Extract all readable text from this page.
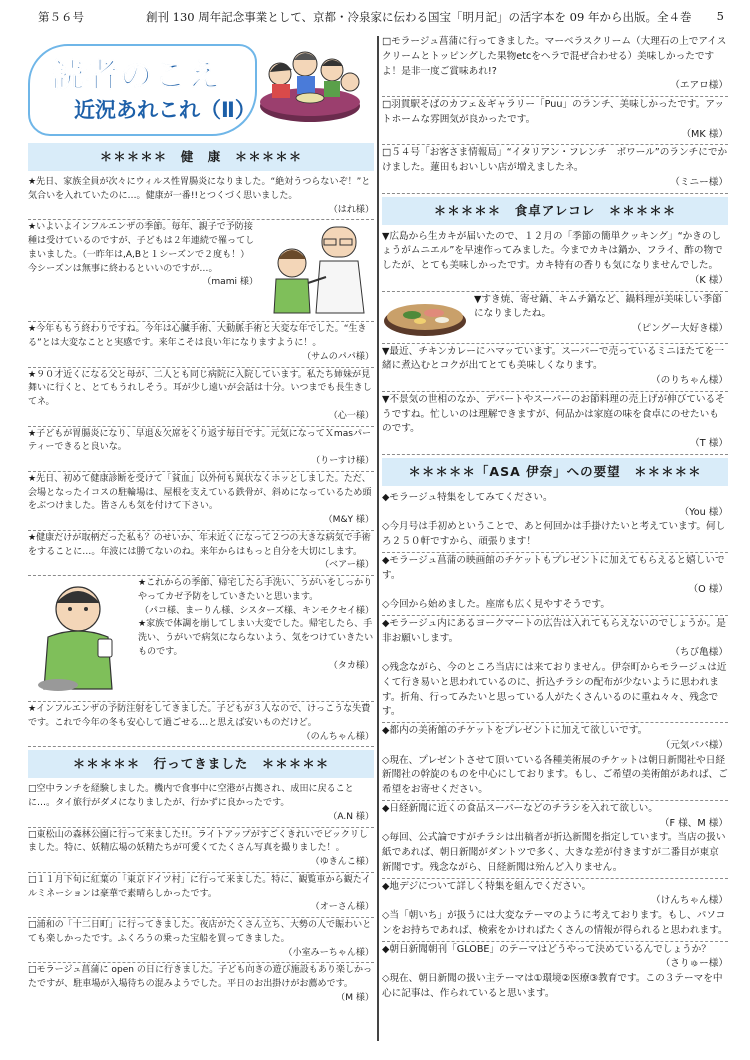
第５６号	創刊 130 周年記念事業として、京都・冷泉家に伝わる国宝「明月記」の活字本を 09 年から出版。全４巻 5
読者のこえ
近況あれこれ（Ⅱ）
＊＊＊＊＊　健　康　＊＊＊＊＊
★先日、家族全員が次々にウィルス性胃腸炎になりました。“絶対うつらないぞ！”と気合いを入れていたのに…。健康が一番!!とつくづく思いました。
（はれ様）
★いよいよインフルエンザの季節。毎年、親子で予防接種は受けているのですが、子どもは２年連続で罹ってしまいました。（一昨年は,A,Bと１シーズンで２度も！）今シーズンは無事に終わるといいのですが…。
（mami 様）
★今年ももう終わりですね。今年は心臓手術、大動脈手術と大変な年でした。“生きる”とは大変なことと実感です。来年こそは良い年になりますように！。
（サムのパパ様）
★９０才近くになる父と母が、二人とも同じ病院に入院しています。私たち姉妹が見舞いに行くと、とてもうれしそう。耳が少し遠いが会話は十分。いつまでも長生きしてネ。
（心一様）
★子どもが胃腸炎になり、早退＆欠席をくり返す毎日です。元気になってＸmasパーティーできると良いな。
（りーすけ様）
★先日、初めて健康診断を受けて「貧血」以外何も異状なくホッとしました。ただ、会場となったイコスの駐輪場は、屋根を支えている鉄骨が、斜めになっているため頭をぶつけました。皆さんも気を付けて下さい。
（M&Y 様）
★健康だけが取柄だった私も？のせいか、年末近くになって２つの大きな病気で手術をすることに…。年波には勝てないのね。来年からはもっと自分を大切にします。
（ベアー様）
★これからの季節、帰宅したら手洗い、うがいをしっかりやってカゼ予防をしていきたいと思います。
（パコ様、まーりん様、シスターズ様、キンモクセイ様）
★家族で体調を崩してしまい大変でした。帰宅したら、手洗い、うがいで病気にならないよう、気をつけていきたいものです。
（タカ様）
★インフルエンザの予防注射をしてきました。子どもが３人なので、けっこうな失費です。これで今年の冬も安心して過ごせる…と思えば安いものだけど。
（のんちゃん様）
＊＊＊＊＊　行ってきました　＊＊＊＊＊
□空中ランチを経験しました。機内で食事中に空港が占拠され、成田に戻ることに…。タイ旅行がダメになりましたが、行かずに良かったです。
（A.N 様）
□東松山の森林公園に行って来ました!!。ライトアップがすごくきれいでビックリしました。特に、妖精広場の妖精たちが可愛くてたくさん写真を撮りました！。
（ゆきんこ様）
□１１月下旬に紅葉の「東京ドイツ村」に行って来ました。特に、観覧車から観たイルミネーションは豪華で素晴らしかったです。
（オーさん様）
□浦和の「十二日町」に行ってきました。夜店がたくさん立ち、大勢の人で賑わいとても楽しかったです。ふくろうの乗った宝船を買ってきました。
（小室みーちゃん様）
□モラージュ菖蒲に open の日に行きました。子ども向きの遊び施設もあり楽しかったですが、駐車場が入場待ちの混みようでした。平日のお出掛けがお薦めです。
（M 様）
□モラージュ菖蒲に行ってきました。マーベラスクリーム（大理石の上でアイスクリームとトッピングした果物etcをヘラで混ぜ合わせる）美味しかったですよ！是非一度ご賞味あれ!?
（エアロ様）
□羽貫駅そばのカフェ＆ギャラリー「Puu」のランチ、美味しかったです。アットホームな雰囲気が良かったです。
（MK 様）
□５４号「お客さま情報局」“イタリアン・フレンチ　ボワール”のランチにでかけました。蓮田もおいしい店が増えましたネ。
（ミニー様）
＊＊＊＊＊　食卓アレコレ　＊＊＊＊＊
▼広島から生カキが届いたので、１２月の「季節の簡単クッキング」“かきのしょうがムニエル”を早速作ってみました。今までカキは鍋か、フライ、酢の物でしたが、とても美味しかったです。カキ特有の香りも気になりませんでした。
（K 様）
▼すき焼、寄せ鍋、キムチ鍋など、鍋料理が美味しい季節になりましたね。
（ピングー大好き様）
▼最近、チキンカレーにハマッています。スーパーで売っているミニほたてを一緒に煮込むとコクが出てとても美味しくなります。
（のりちゃん様）
▼不景気の世相のなか、デパートやスーパーのお節料理の売上げが伸びているそうですね。忙しいのは理解できますが、何品かは家庭の味を食卓にのせたいものです。
（T 様）
＊＊＊＊＊「ASA 伊奈」への要望　＊＊＊＊＊
◆モラージュ特集をしてみてください。
（You 様）
◇今月号は手初めということで、あと何回かは手掛けたいと考えています。何しろ２５０軒ですから、頑張ります！
◆モラージュ菖蒲の映画館のチケットもプレゼントに加えてもらえると嬉しいです。
（O 様）
◇今回から始めました。座席も広く見やすそうです。
◆モラージュ内にあるヨークマートの広告は入れてもらえないのでしょうか。是非お願いします。
（ちび亀様）
◇残念ながら、今のところ当店には来ておりません。伊奈町からモラージュは近くて行き易いと思われているのに、折込チラシの配布が少ないように思われます。折角、行ってみたいと思っている人がたくさんいるのに重ね々々、残念です。
◆都内の美術館のチケットをプレゼントに加えて欲しいです。
（元気パパ様）
◇現在、プレゼントさせて頂いている各種美術展のチケットは朝日新聞社や日経新聞社の幹旋のものを中心にしております。もし、ご希望の美術館があれば、ご希望をお寄せください。
◆日経新聞に近くの食品スーパーなどのチラシを入れて欲しい。
（F 様、M 様）
◇毎回、公式論ですがチラシは出稿者が折込新聞を指定しています。当店の扱い紙であれば、朝日新聞がダントツで多く、大きな差が付きますが二番目が東京新聞です。残念ながら、日経新聞は殆んど入りません。
◆地デジについて詳しく特集を組んでください。
（けんちゃん様）
◇当「朝いち」が扱うには大変なテーマのように考えております。もし、パソコンをお持ちであれば、検索をかければたくさんの情報が得られると思われます。
◆朝日新聞朝刊「GLOBE」のテーマはどうやって決めているんでしょうか？
（さりゅー様）
◇現在、朝日新聞の扱い主テーマは①環境②医療③教育です。この３テーマを中心に記事は、作られていると思います。
